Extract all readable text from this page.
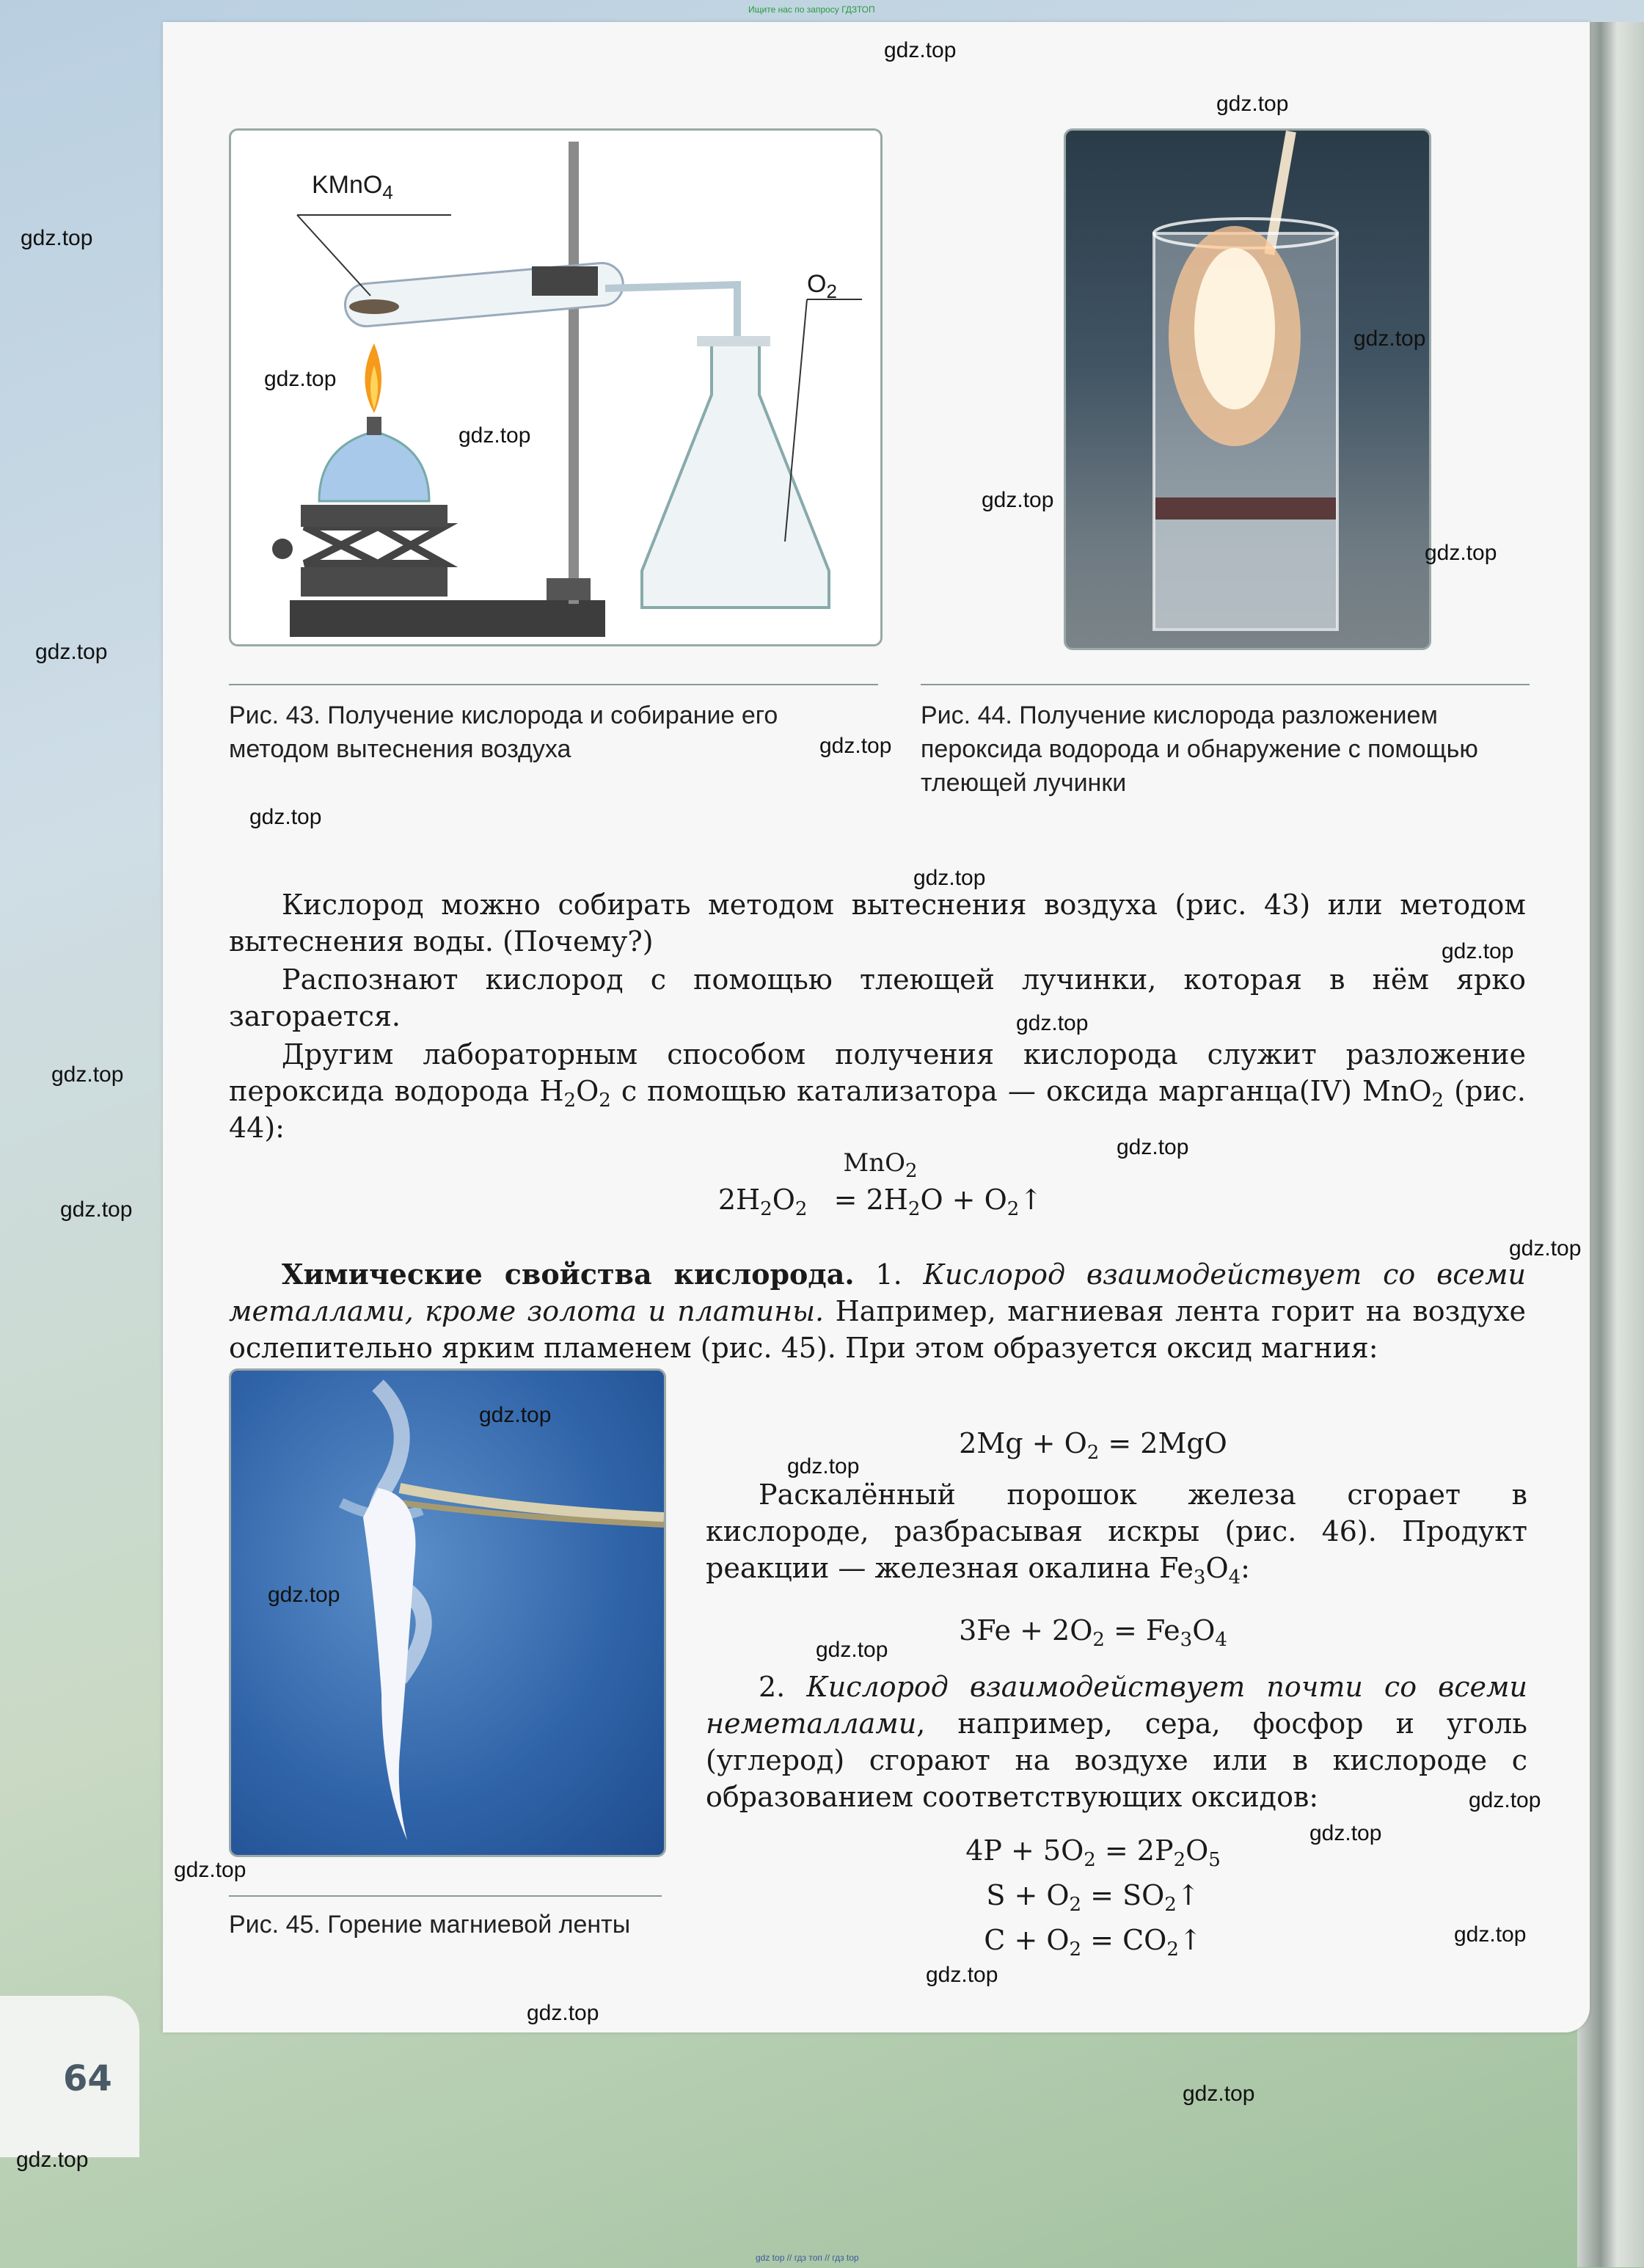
64
Ищите нас по запросу ГДЗТОП
gdz top // гдз топ // гдз top
KMnO$_4$
$O_2$
Рис. 43. Получение кислорода и собирание его методом вытеснения воздуха
Рис. 44. Получение кислорода разложением пероксида водорода и обнаружение с помощью тлеющей лучинки
Кислород можно собирать методом вытеснения воздуха (рис. 43) или методом вытеснения воды. (Почему?)
Распознают кислород с помощью тлеющей лучинки, которая в нём ярко загорается.
Другим лабораторным способом получения кислорода служит разложение пероксида водорода $H_2O_2$ с помощью катализатора — оксида марганца(IV) MnO$_2$ (рис. 44):
MnO$_2$
$2H_2O_2 = 2H_2O$ + $O_2↑$
Химические свойства кислорода. 1. Кислород взаимодействует со всеми металлами, кроме золота и платины. Например, магниевая лента горит на воздухе ослепительно ярким пламенем (рис. 45). При этом образуется оксид магния:
Рис. 45. Горение магниевой ленты
$2Mg + O_2 = 2MgO$
Раскалённый порошок железа сгорает в кислороде, разбрасывая искры (рис. 46). Продукт реакции — железная окалина $Fe_3O_4$:
$3Fe + 2O_2 = Fe_3O_4$
2. Кислород взаимодействует почти со всеми неметаллами, например, сера, фосфор и уголь (углерод) сгорают на воздухе или в кислороде с образованием соответствующих оксидов:
$4P + 5O_2 = 2P_2O_5$
$S + O_2$ = $SO_2↑$
$C + O_2$ = $CO_2↑$
gdz.top
gdz.top
gdz.top
gdz.top
gdz.top
gdz.top
gdz.top
gdz.top
gdz.top
gdz.top
gdz.top
gdz.top
gdz.top
gdz.top
gdz.top
gdz.top
gdz.top
gdz.top
gdz.top
gdz.top
gdz.top
gdz.top
gdz.top
gdz.top
gdz.top
gdz.top
gdz.top
gdz.top
gdz.top
gdz.top
